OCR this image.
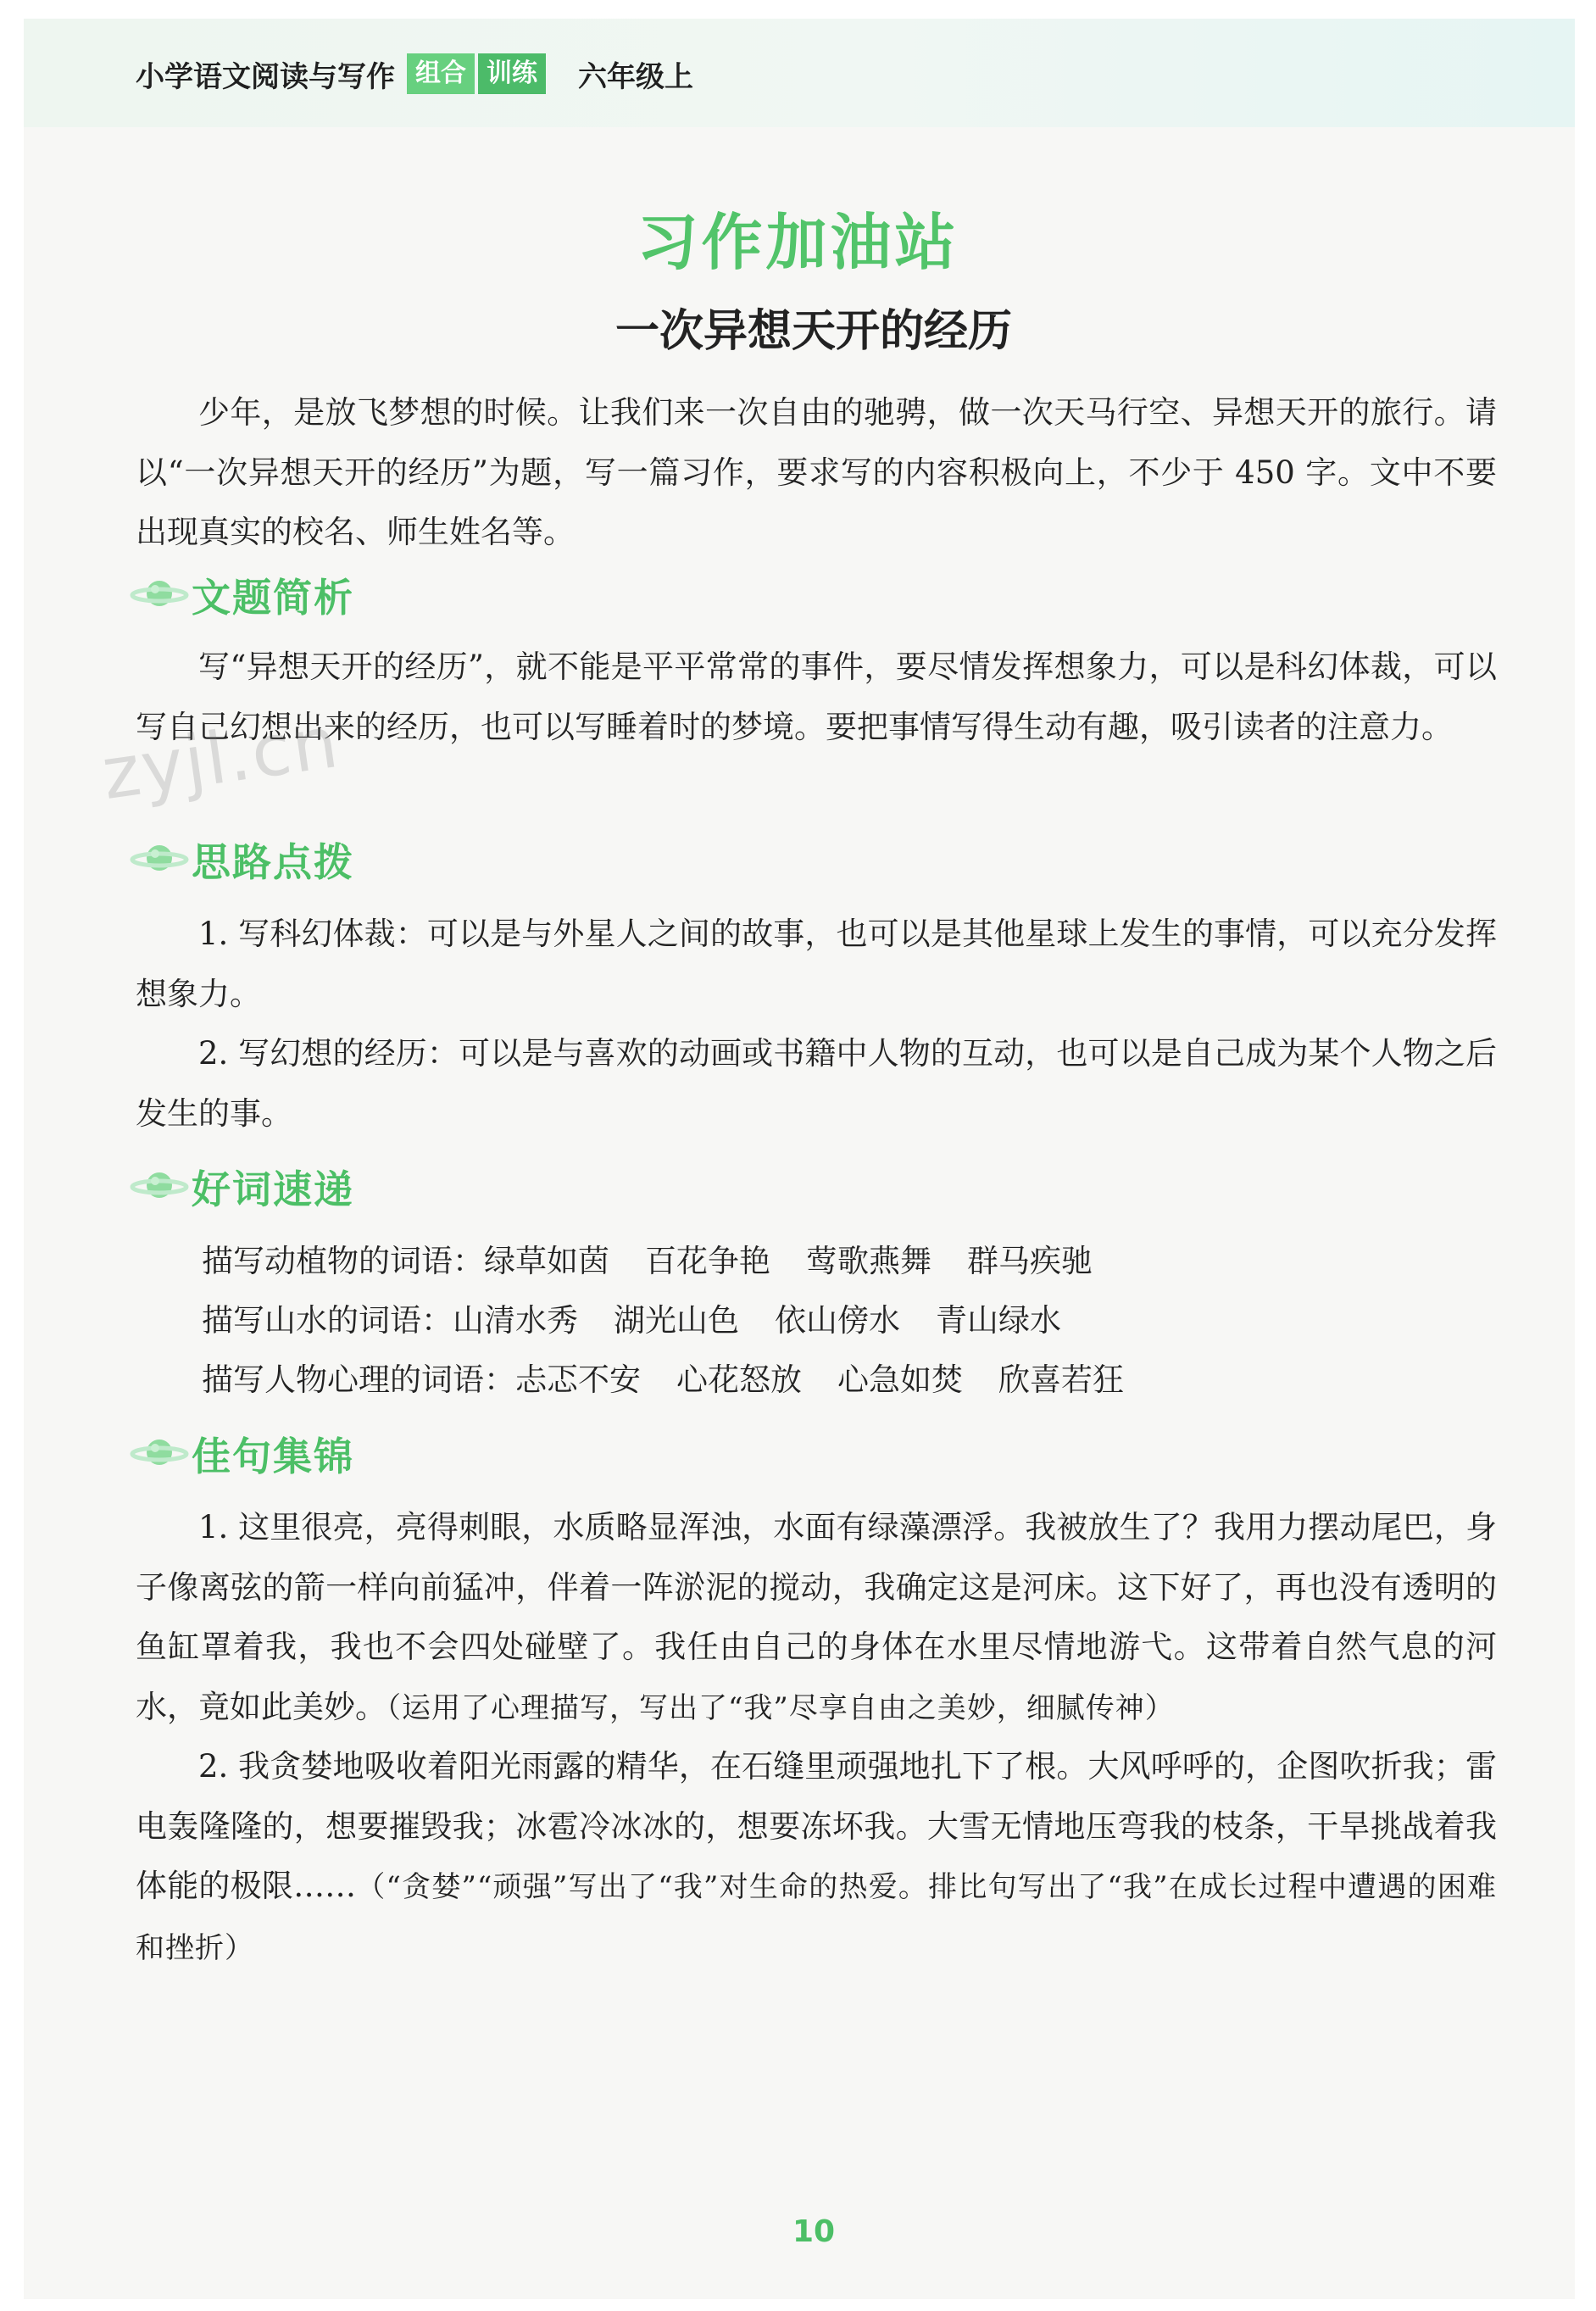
小学语文阅读与写作 组合 训练 六年级上
习作加油站
一次异想天开的经历

少年，是放飞梦想的时候。让我们来一次自由的驰骋，做一次天马行空、异想天开的旅行。请以“一次异想天开的经历”为题，写一篇习作，要求写的内容积极向上，不少于 450 字。文中不要出现真实的校名、师生姓名等。

文题简析

写“异想天开的经历”，就不能是平平常常的事件，要尽情发挥想象力，可以是科幻体裁，可以写自己幻想出来的经历，也可以写睡着时的梦境。要把事情写得生动有趣，吸引读者的注意力。

思路点拨

1. 写科幻体裁：可以是与外星人之间的故事，也可以是其他星球上发生的事情，可以充分发挥想象力。

2. 写幻想的经历：可以是与喜欢的动画或书籍中人物的互动，也可以是自己成为某个人物之后发生的事。

好词速递
描写动植物的词语：绿草如茵 百花争艳 莺歌燕舞 群马疾驰
描写山水的词语：山清水秀 湖光山色 依山傍水 青山绿水
描写人物心理的词语：忐忑不安 心花怒放 心急如焚 欣喜若狂
佳句集锦

1. 这里很亮，亮得刺眼，水质略显浑浊，水面有绿藻漂浮。我被放生了？我用力摆动尾巴，身子像离弦的箭一样向前猛冲，伴着一阵淤泥的搅动，我确定这是河床。这下好了，再也没有透明的鱼缸罩着我，我也不会四处碰壁了。我任由自己的身体在水里尽情地游弋。这带着自然气息的河水，竟如此美妙。（运用了心理描写，写出了“我”尽享自由之美妙，细腻传神）

2. 我贪婪地吸收着阳光雨露的精华，在石缝里顽强地扎下了根。大风呼呼的，企图吹折我；雷电轰隆隆的，想要摧毁我；冰雹冷冰冰的，想要冻坏我。大雪无情地压弯我的枝条，干旱挑战着我体能的极限……（“贪婪”“顽强”写出了“我”对生命的热爱。排比句写出了“我”在成长过程中遭遇的困难和挫折）

zyjl.cn
10
